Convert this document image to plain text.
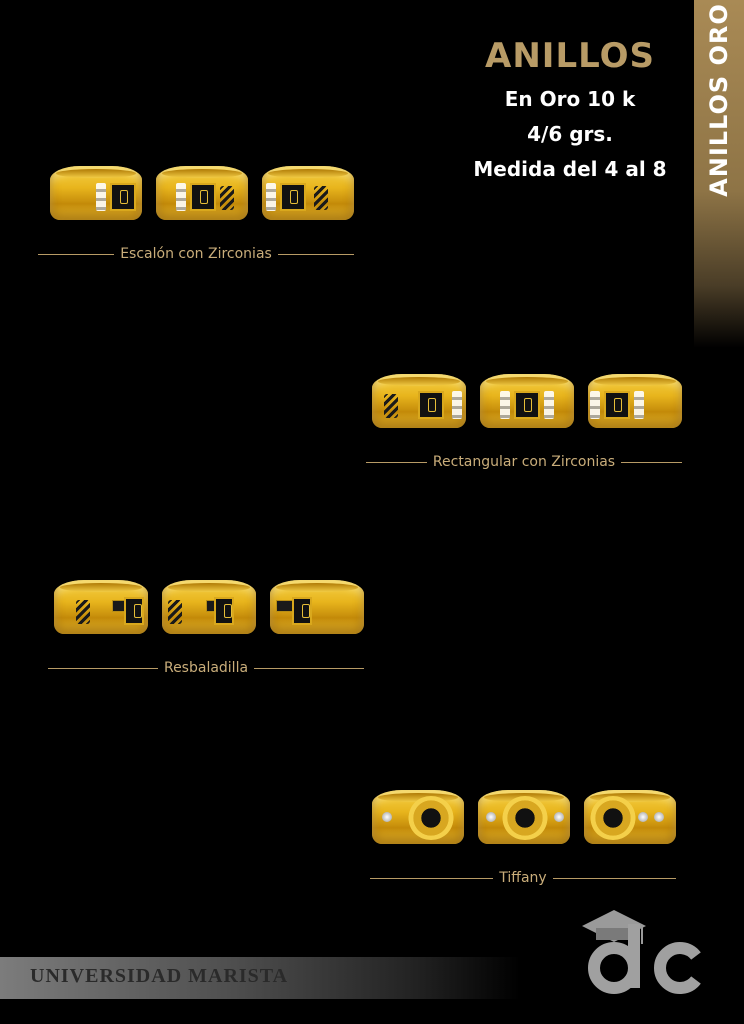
ANILLOS ORO
ANILLOS
En Oro 10 k
4/6 grs.
Medida del 4 al 8
Escalón con Zirconias
Rectangular con Zirconias
Resbaladilla
Tiffany
UNIVERSIDAD MARISTA
